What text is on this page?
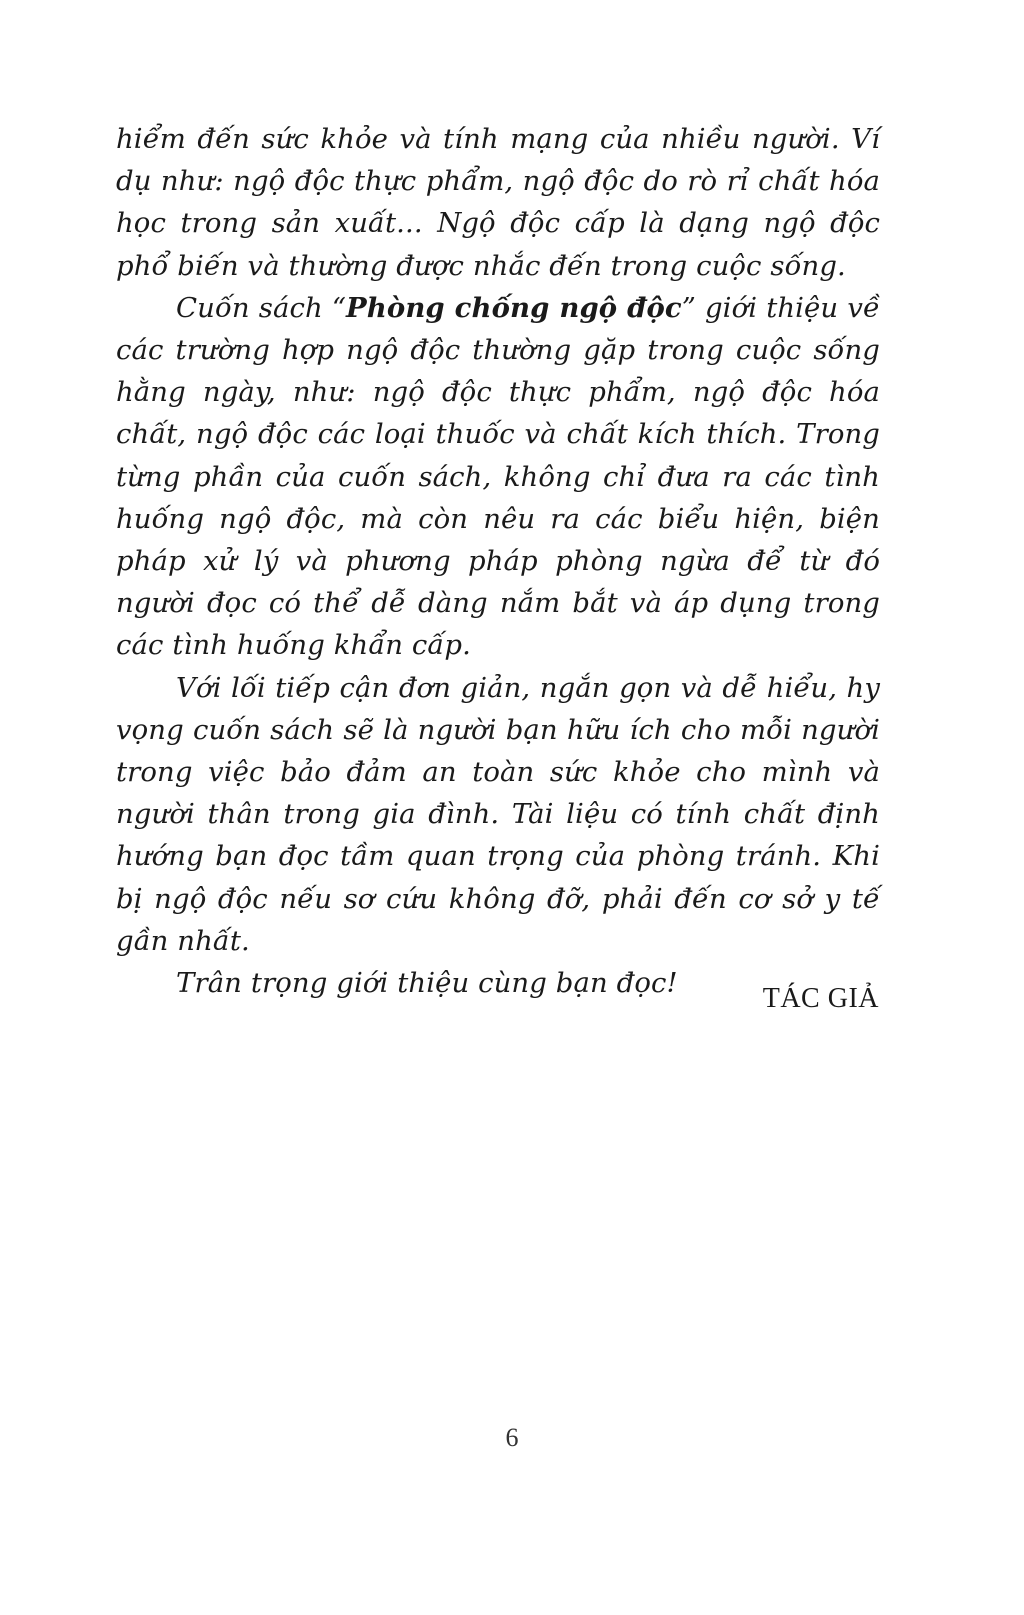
hiểm đến sức khỏe và tính mạng của nhiều người. Ví dụ như: ngộ độc thực phẩm, ngộ độc do rò rỉ chất hóa học trong sản xuất... Ngộ độc cấp là dạng ngộ độc phổ biến và thường được nhắc đến trong cuộc sống.

Cuốn sách “Phòng chống ngộ độc” giới thiệu về các trường hợp ngộ độc thường gặp trong cuộc sống hằng ngày, như: ngộ độc thực phẩm, ngộ độc hóa chất, ngộ độc các loại thuốc và chất kích thích. Trong từng phần của cuốn sách, không chỉ đưa ra các tình huống ngộ độc, mà còn nêu ra các biểu hiện, biện pháp xử lý và phương pháp phòng ngừa để từ đó người đọc có thể dễ dàng nắm bắt và áp dụng trong các tình huống khẩn cấp.

Với lối tiếp cận đơn giản, ngắn gọn và dễ hiểu, hy vọng cuốn sách sẽ là người bạn hữu ích cho mỗi người trong việc bảo đảm an toàn sức khỏe cho mình và người thân trong gia đình. Tài liệu có tính chất định hướng bạn đọc tầm quan trọng của phòng tránh. Khi bị ngộ độc nếu sơ cứu không đỡ, phải đến cơ sở y tế gần nhất.

Trân trọng giới thiệu cùng bạn đọc!	TÁC GIẢ
6
